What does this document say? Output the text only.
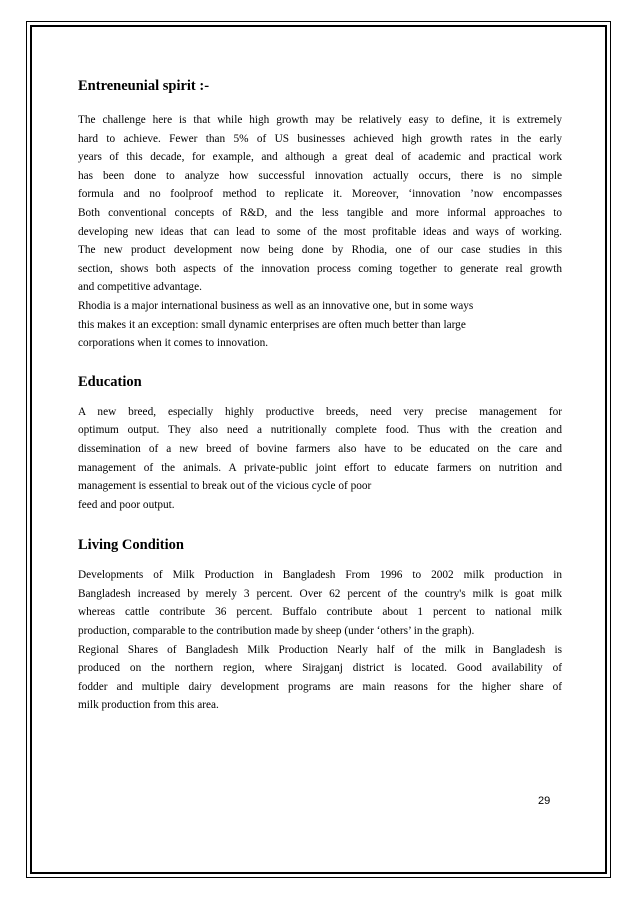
Entreneunial spirit :-
The challenge here is that while high growth may be relatively easy to define, it is extremely
hard to achieve. Fewer than 5% of US businesses achieved high growth rates in the early
years of this decade, for example, and although a great deal of academic and practical work
has been done to analyze how successful innovation actually occurs, there is no simple
formula and no foolproof method to replicate it. Moreover, ‘innovation ’now encompasses
Both conventional concepts of R&D, and the less tangible and more informal approaches to
developing new ideas that can lead to some of the most profitable ideas and ways of working.
The new product development now being done by Rhodia, one of our case studies in this
section, shows both aspects of the innovation process coming together to generate real growth
and competitive advantage.
Rhodia is a major international business as well as an innovative one, but in some ways
this makes it an exception: small dynamic enterprises are often much better than large
corporations when it comes to innovation.
Education
A new breed, especially highly productive breeds, need very precise management for
optimum output. They also need a nutritionally complete food. Thus with the creation and
dissemination of a new breed of bovine farmers also have to be educated on the care and
management of the animals. A private-public joint effort to educate farmers on nutrition and
management is essential to break out of the vicious cycle of poor
feed and poor output.
Living Condition
Developments of Milk Production in Bangladesh From 1996 to 2002 milk production in
Bangladesh increased by merely 3 percent. Over 62 percent of the country's milk is goat milk
whereas cattle contribute 36 percent. Buffalo contribute about 1 percent to national milk
production, comparable to the contribution made by sheep (under ‘others’ in the graph).
Regional Shares of Bangladesh Milk Production Nearly half of the milk in Bangladesh is
produced on the northern region, where Sirajganj district is located. Good availability of
fodder and multiple dairy development programs are main reasons for the higher share of
milk production from this area.
29
